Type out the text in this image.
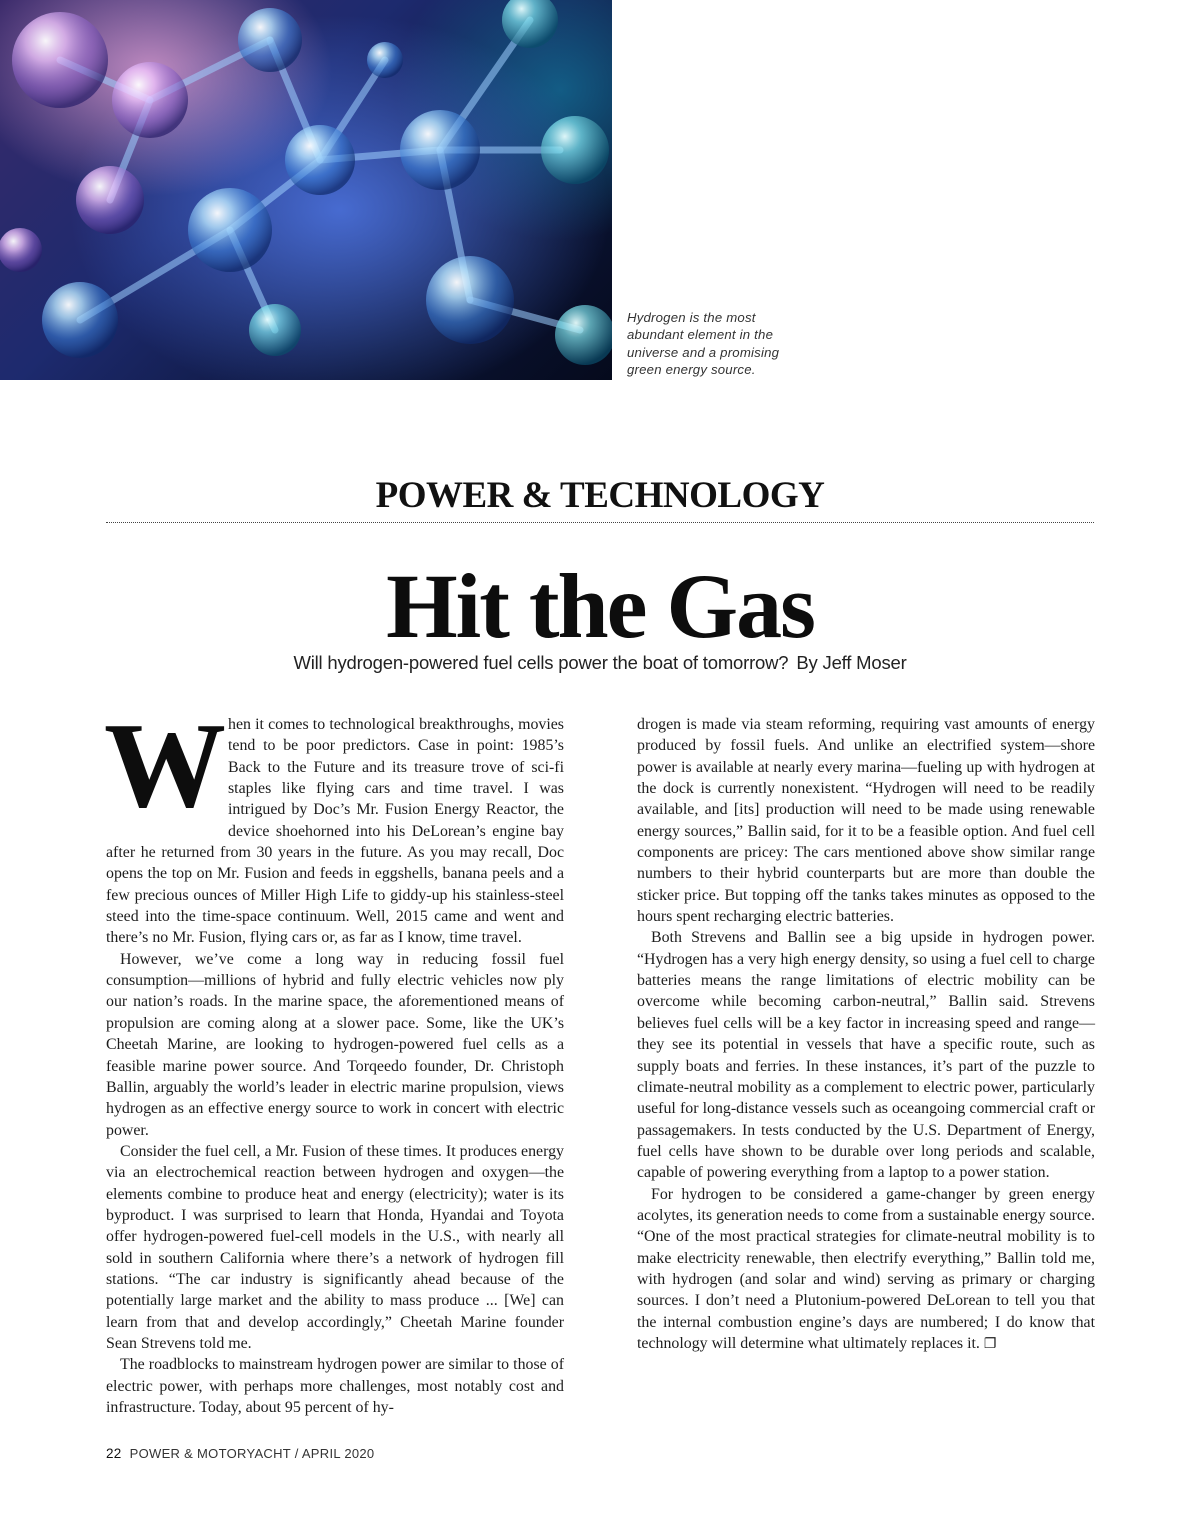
Hydrogen is the most abundant element in the universe and a promising green energy source.
POWER & TECHNOLOGY
Hit the Gas
Will hydrogen-powered fuel cells power the boat of tomorrow? By Jeff Moser

When it comes to technological breakthroughs, movies tend to be poor predictors. Case in point: 1985’s Back to the Future and its treasure trove of sci-fi staples like flying cars and time travel. I was intrigued by Doc’s Mr. Fusion Energy Reactor, the device shoehorned into his DeLorean’s engine bay after he returned from 30 years in the future. As you may recall, Doc opens the top on Mr. Fusion and feeds in eggshells, banana peels and a few precious ounces of Miller High Life to giddy-up his stainless-steel steed into the time-space continuum. Well, 2015 came and went and there’s no Mr. Fusion, flying cars or, as far as I know, time travel.

However, we’ve come a long way in reducing fossil fuel consumption—millions of hybrid and fully electric vehicles now ply our nation’s roads. In the marine space, the aforementioned means of propulsion are coming along at a slower pace. Some, like the UK’s Cheetah Marine, are looking to hydrogen-powered fuel cells as a feasible marine power source. And Torqeedo founder, Dr. Christoph Ballin, arguably the world’s leader in electric marine propulsion, views hydrogen as an effective energy source to work in concert with electric power.

Consider the fuel cell, a Mr. Fusion of these times. It produces energy via an electrochemical reaction between hydrogen and oxygen—the elements combine to produce heat and energy (electricity); water is its byproduct. I was surprised to learn that Honda, Hyandai and Toyota offer hydrogen-powered fuel-cell models in the U.S., with nearly all sold in southern California where there’s a network of hydrogen fill stations. “The car industry is significantly ahead because of the potentially large market and the ability to mass produce ... [We] can learn from that and develop accordingly,” Cheetah Marine founder Sean Strevens told me.

The roadblocks to mainstream hydrogen power are similar to those of electric power, with perhaps more challenges, most notably cost and infrastructure. Today, about 95 percent of hy-

drogen is made via steam reforming, requiring vast amounts of energy produced by fossil fuels. And unlike an electrified system—shore power is available at nearly every marina—fueling up with hydrogen at the dock is currently nonexistent. “Hydrogen will need to be readily available, and [its] production will need to be made using renewable energy sources,” Ballin said, for it to be a feasible option. And fuel cell components are pricey: The cars mentioned above show similar range numbers to their hybrid counterparts but are more than double the sticker price. But topping off the tanks takes minutes as opposed to the hours spent recharging electric batteries.

Both Strevens and Ballin see a big upside in hydrogen power. “Hydrogen has a very high energy density, so using a fuel cell to charge batteries means the range limitations of electric mobility can be overcome while becoming carbon-neutral,” Ballin said. Strevens believes fuel cells will be a key factor in increasing speed and range—they see its potential in vessels that have a specific route, such as supply boats and ferries. In these instances, it’s part of the puzzle to climate-neutral mobility as a complement to electric power, particularly useful for long-distance vessels such as oceangoing commercial craft or passagemakers. In tests conducted by the U.S. Department of Energy, fuel cells have shown to be durable over long periods and scalable, capable of powering everything from a laptop to a power station.

For hydrogen to be considered a game-changer by green energy acolytes, its generation needs to come from a sustainable energy source. “One of the most practical strategies for climate-neutral mobility is to make electricity renewable, then electrify everything,” Ballin told me, with hydrogen (and solar and wind) serving as primary or charging sources. I don’t need a Plutonium-powered DeLorean to tell you that the internal combustion engine’s days are numbered; I do know that technology will determine what ultimately replaces it. ❐

22 POWER & MOTORYACHT / APRIL 2020
